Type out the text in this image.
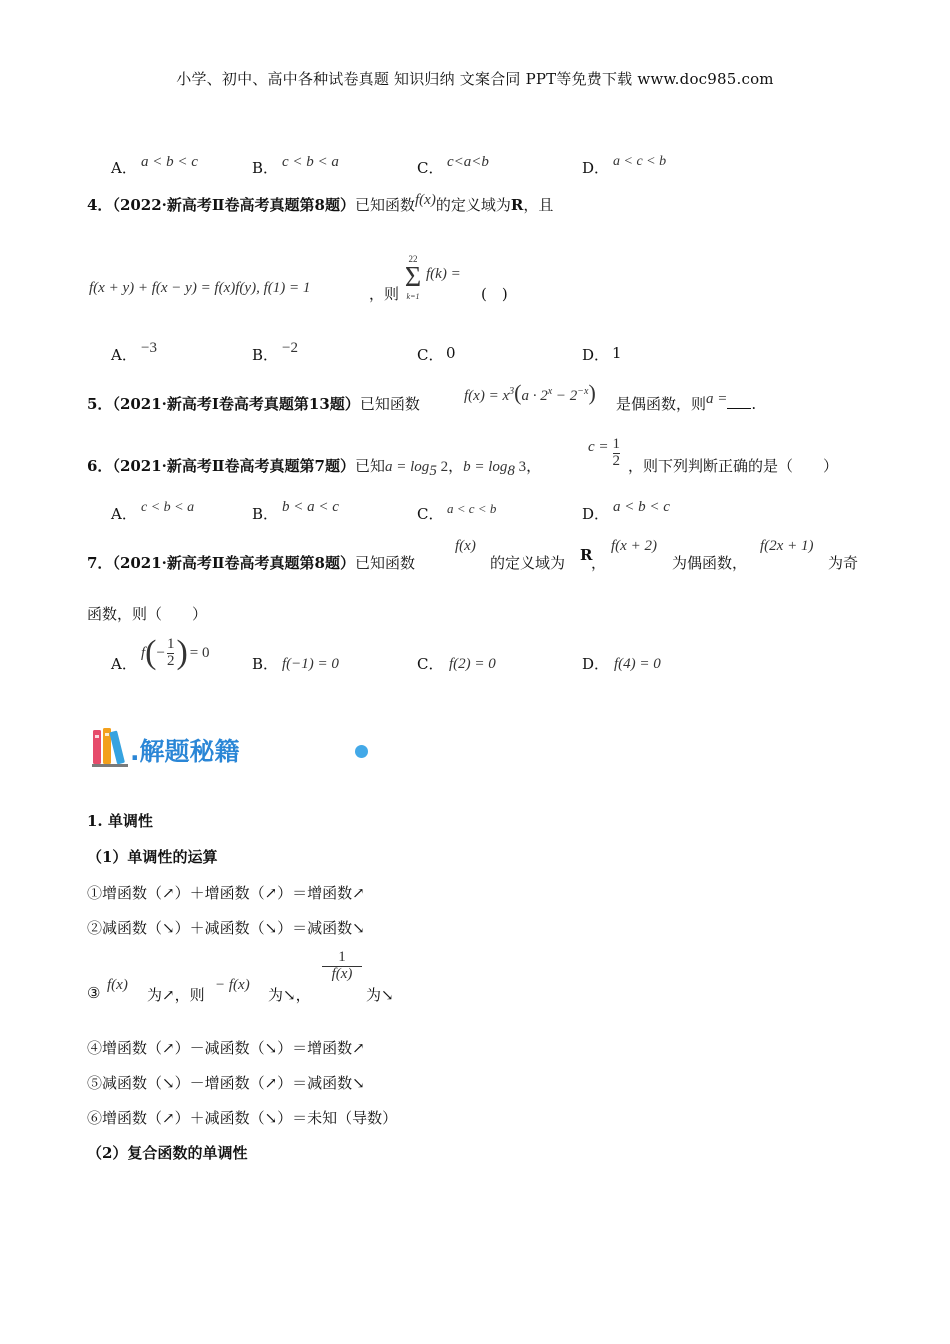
小学、初中、高中各种试卷真题 知识归纳 文案合同 PPT等免费下载 www.doc985.com
A． a < b < c	B． c < b < a	C． c<a<b	D． a < c < b
4．（2022·新高考Ⅱ卷高考真题第8题）已知函数f(x)的定义域为R，且
f(x + y) + f(x − y) = f(x)f(y), f(1) = 1	，则
22
Σ
k=1
f(k) =
(　)
A． −3	B． −2	C． 0	D． 1
5．（2021·新高考Ⅰ卷高考真题第13题）已知函数	$f(x) = x^3(a \cdot 2^x - 2^{-x})$ 是偶函数，则a = .
6．（2021·新高考Ⅱ卷高考真题第7题）已知$a = \log_5 2$，$b = \log_8 3$，
$c = \frac{1}{2}$ ，则下列判断正确的是（　　）
A． c < b < a	B． b < a < c	C． a < c < b	D． a < b < c
7．（2021·新高考Ⅱ卷高考真题第8题）已知函数
f(x)
的定义域为 R
，
f(x + 2)
为偶函数，
f(2x + 1)
为奇
函数，则（　　）
A．
f ( − $\frac{1}{2}$ ) = 0
B． f(−1) = 0	C． f(2) = 0	D． f(4) = 0
.解题秘籍
1. 单调性
（1）单调性的运算
①增函数（↗）＋增函数（↗）＝增函数↗
②减函数（↘）＋减函数（↘）＝减函数↘
③ f(x)
为↗，则
− f(x)
为↘，
1
f(x)
为↘
④增函数（↗）－减函数（↘）＝增函数↗
⑤减函数（↘）－增函数（↗）＝减函数↘
⑥增函数（↗）＋减函数（↘）＝未知（导数）
（2）复合函数的单调性
